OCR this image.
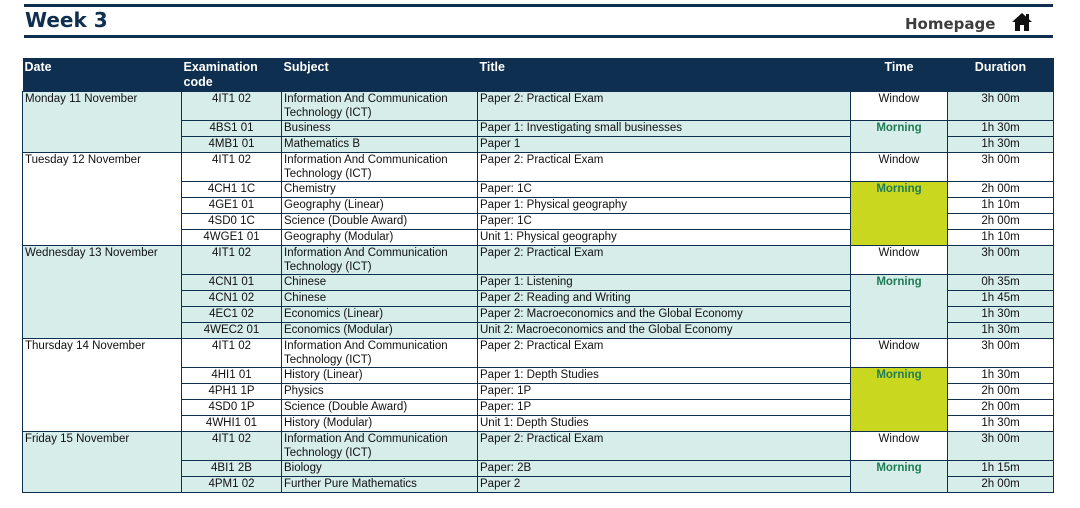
Week 3	Homepage
Date	Examination code	Subject	Title	Time	Duration
Monday 11 November	4IT1 02	Information And Communication Technology (ICT)	Paper 2: Practical Exam	Window	3h 00m
	4BS1 01	Business	Paper 1: Investigating small businesses	Morning	1h 30m
	4MB1 01	Mathematics B	Paper 1		1h 30m
Tuesday 12 November	4IT1 02	Information And Communication Technology (ICT)	Paper 2: Practical Exam	Window	3h 00m
	4CH1 1C	Chemistry	Paper: 1C	Morning	2h 00m
	4GE1 01	Geography (Linear)	Paper 1: Physical geography		1h 10m
	4SD0 1C	Science (Double Award)	Paper: 1C		2h 00m
	4WGE1 01	Geography (Modular)	Unit 1: Physical geography		1h 10m
Wednesday 13 November	4IT1 02	Information And Communication Technology (ICT)	Paper 2: Practical Exam	Window	3h 00m
	4CN1 01	Chinese	Paper 1: Listening	Morning	0h 35m
	4CN1 02	Chinese	Paper 2: Reading and Writing		1h 45m
	4EC1 02	Economics (Linear)	Paper 2: Macroeconomics and the Global Economy		1h 30m
	4WEC2 01	Economics (Modular)	Unit 2: Macroeconomics and the Global Economy		1h 30m
Thursday 14 November	4IT1 02	Information And Communication Technology (ICT)	Paper 2: Practical Exam	Window	3h 00m
	4HI1 01	History (Linear)	Paper 1: Depth Studies	Morning	1h 30m
	4PH1 1P	Physics	Paper: 1P		2h 00m
	4SD0 1P	Science (Double Award)	Paper: 1P		2h 00m
	4WHI1 01	History (Modular)	Unit 1: Depth Studies		1h 30m
Friday 15 November	4IT1 02	Information And Communication Technology (ICT)	Paper 2: Practical Exam	Window	3h 00m
	4BI1 2B	Biology	Paper: 2B	Morning	1h 15m
	4PM1 02	Further Pure Mathematics	Paper 2		2h 00m
